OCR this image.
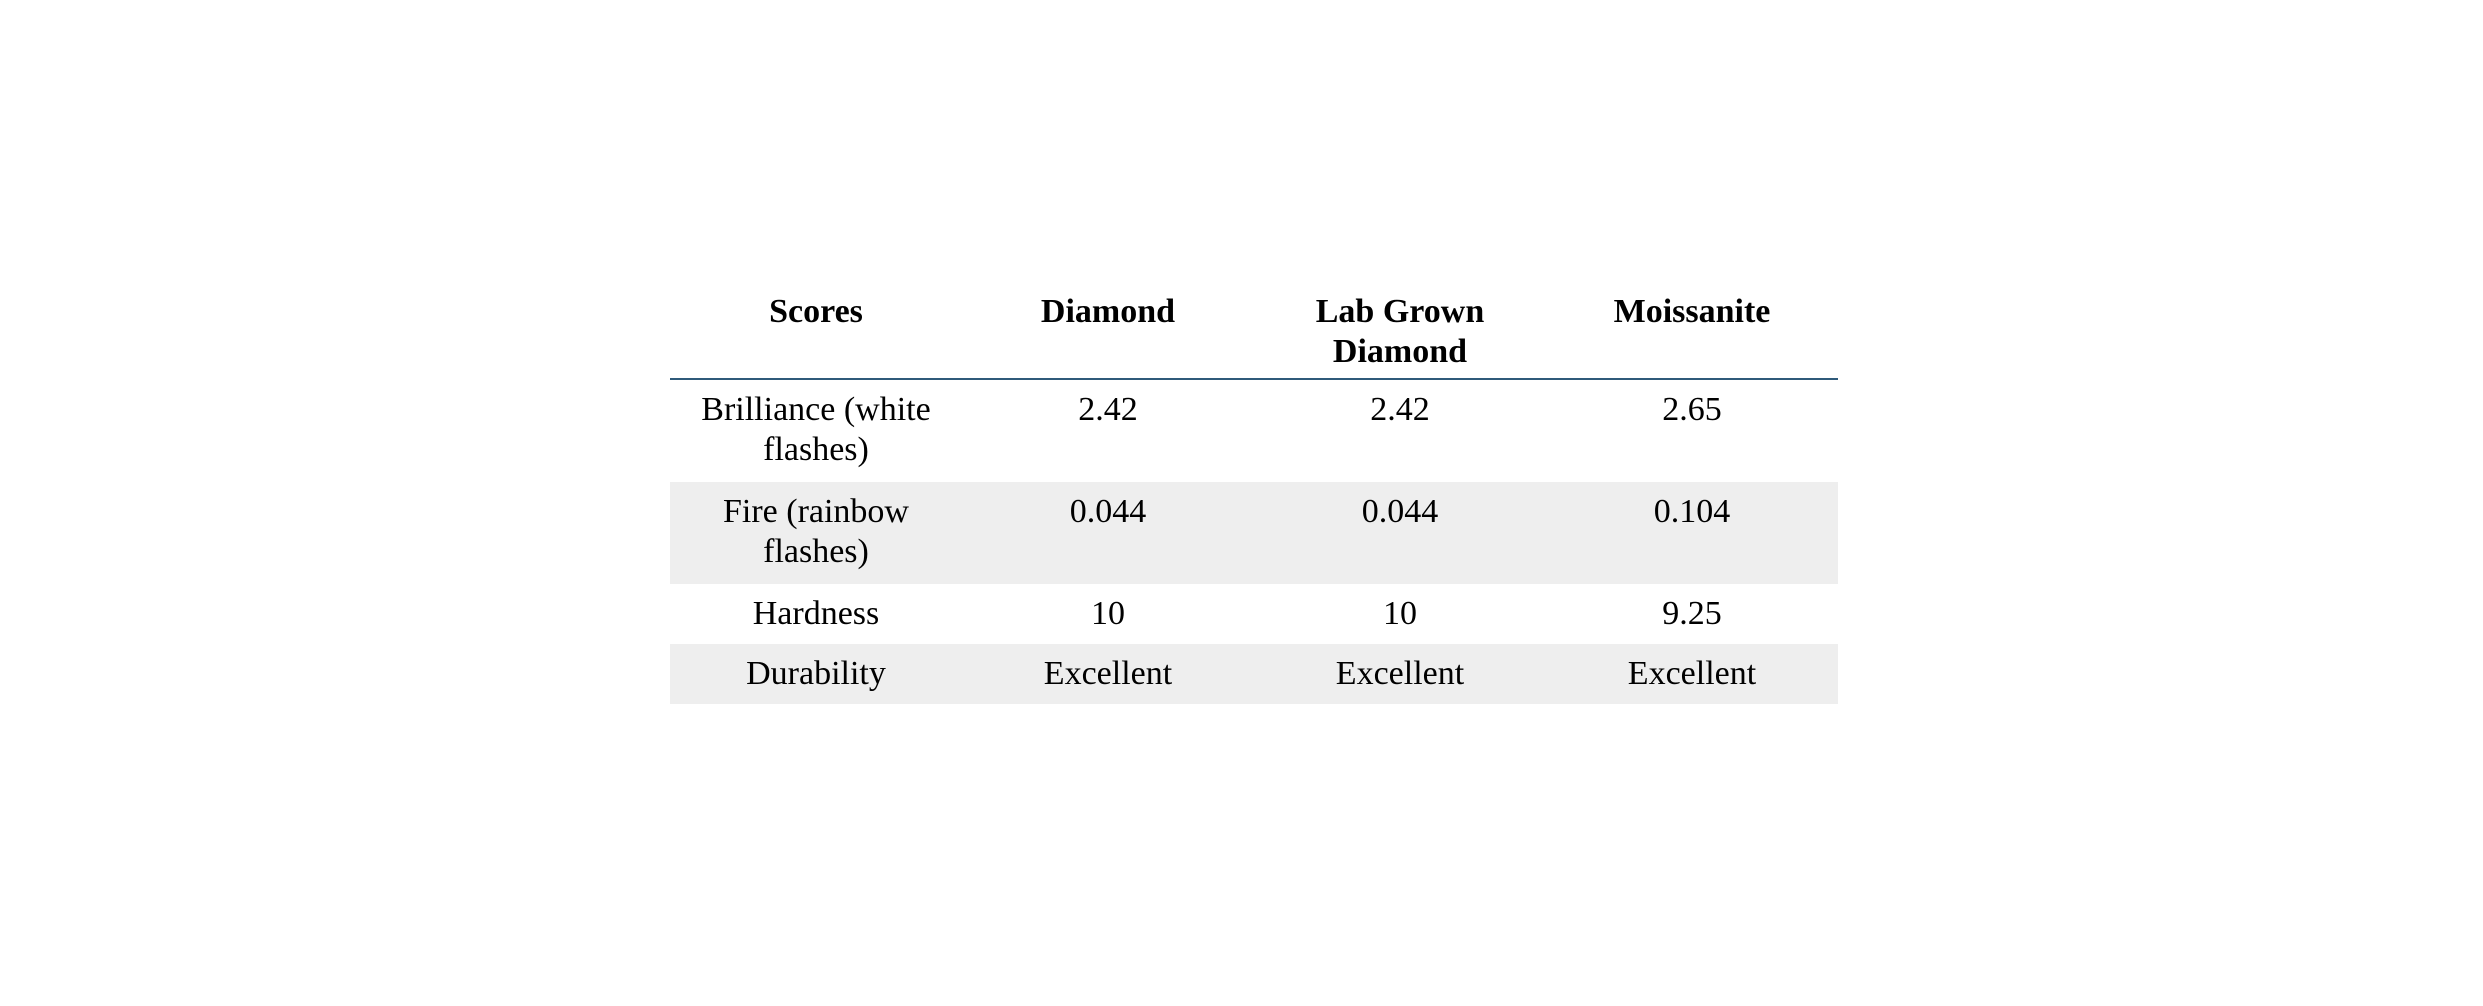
Scores	Diamond	Lab Grown Diamond	Moissanite
Brilliance (white flashes)	2.42	2.42	2.65
Fire (rainbow flashes)	0.044	0.044	0.104
Hardness	10	10	9.25
Durability	Excellent	Excellent	Excellent
